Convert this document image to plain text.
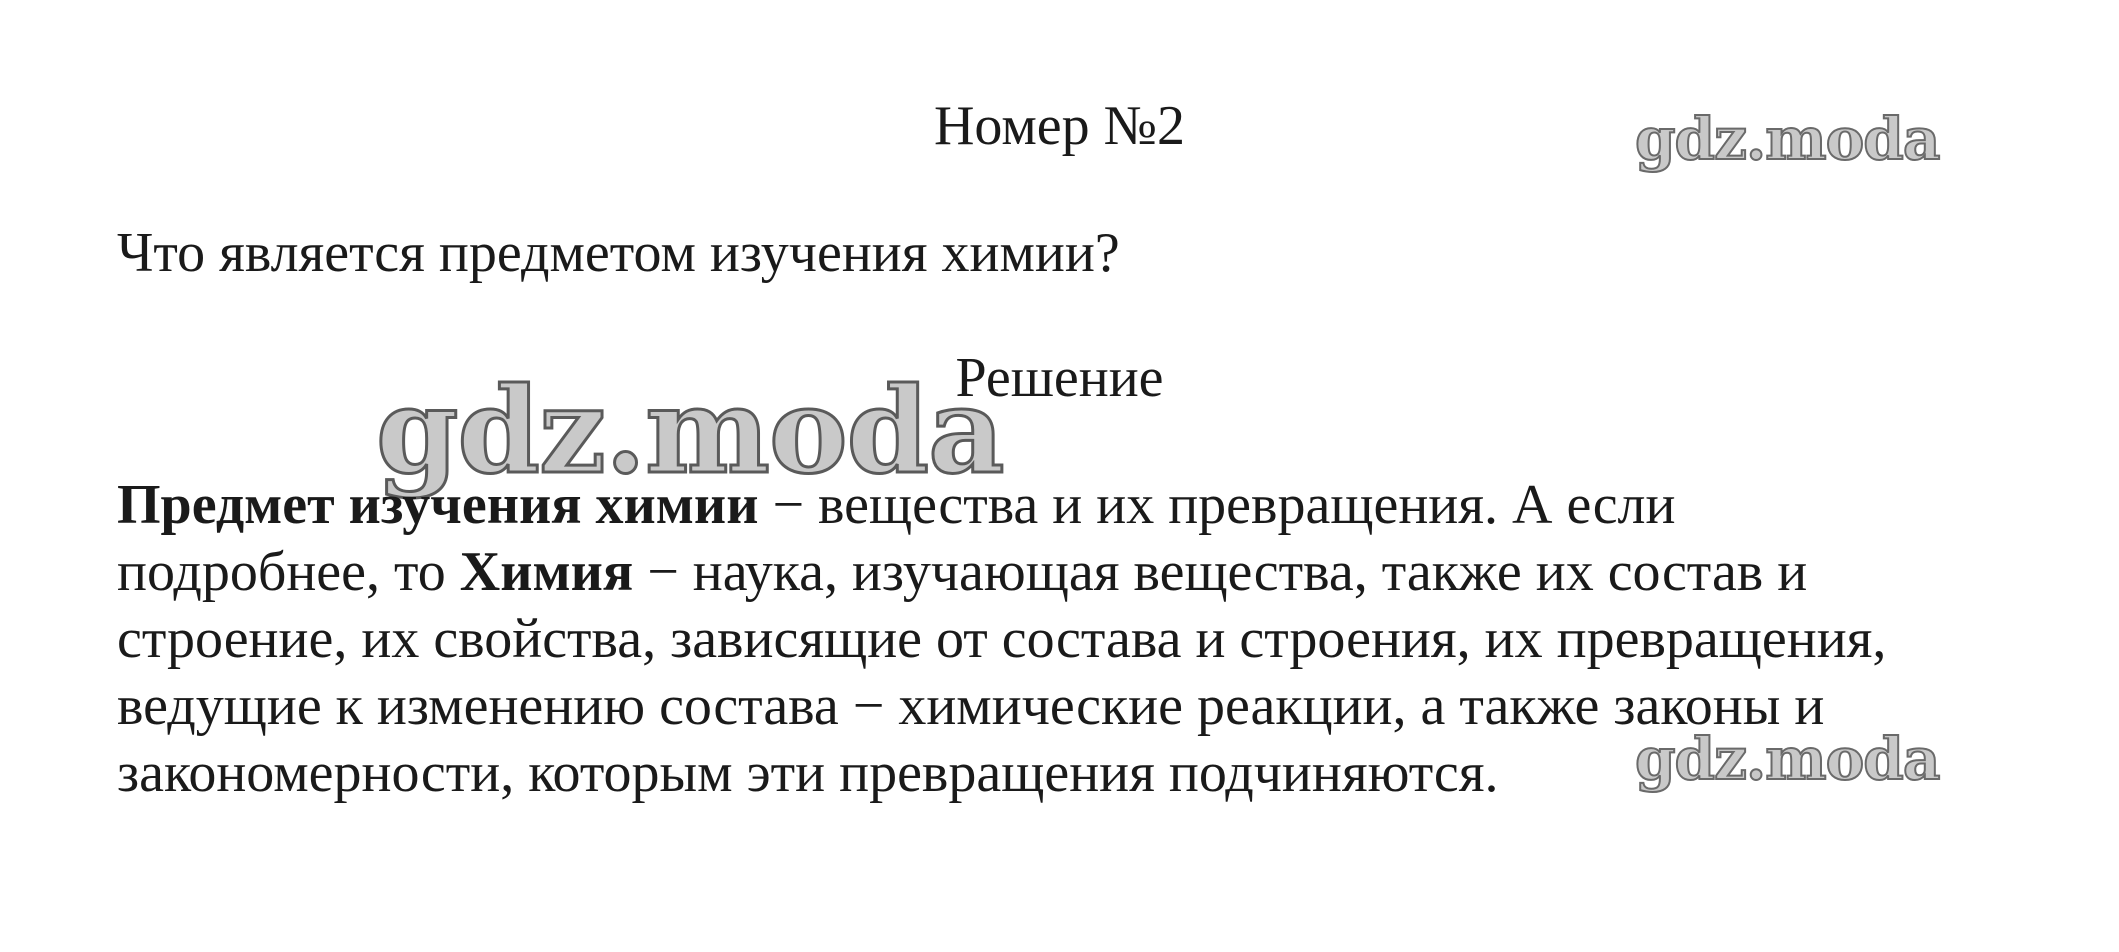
Номер №2	gdz.moda
Что является предметом изучения химии?
gdz.moda
Решение
Предмет изучения химии − вещества и их превращения. А если
подробнее, то Химия − наука, изучающая вещества, также их состав и
строение, их свойства, зависящие от состава и строения, их превращения,
ведущие к изменению состава − химические реакции, а также законы и
закономерности, которым эти превращения подчиняются.	gdz.moda
